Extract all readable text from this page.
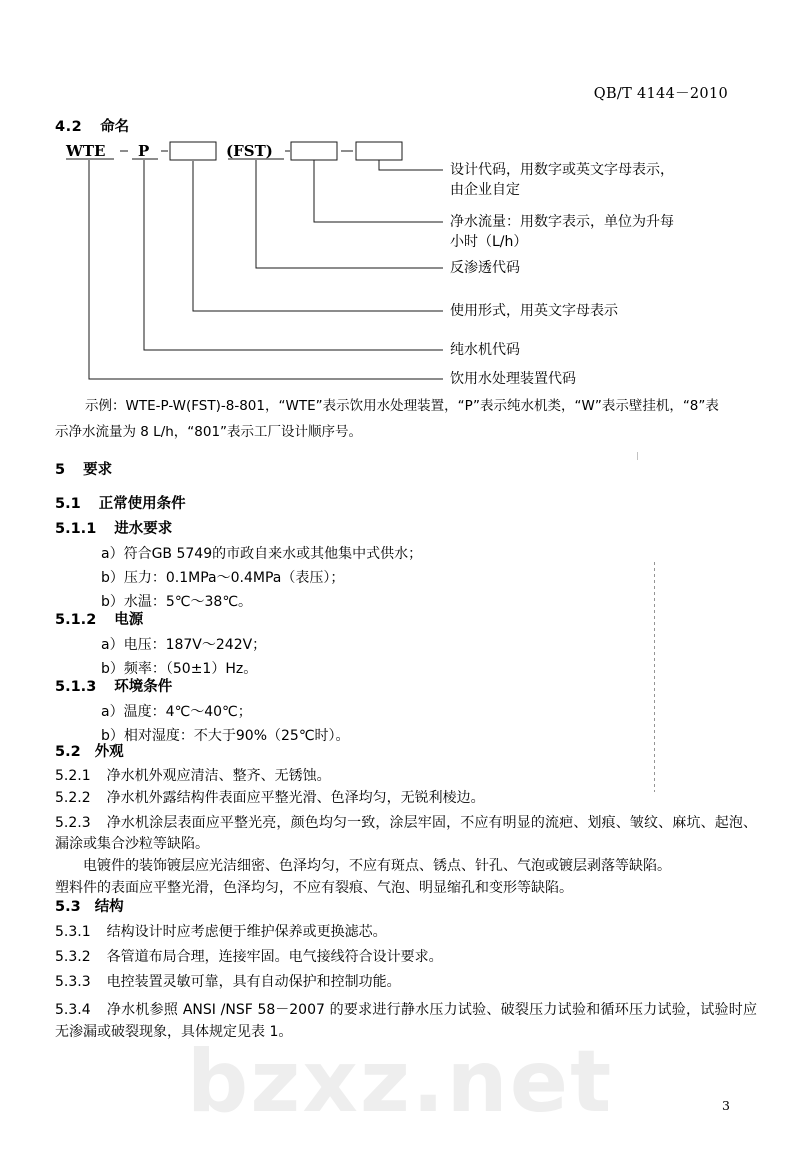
bzxz.net
QB/T 4144－2010
3
4.2 命名
WTE P	(FST)
设计代码，用数字或英文字母表示，
由企业自定
净水流量：用数字表示，单位为升每
小时（L/h）
反渗透代码
使用形式，用英文字母表示
纯水机代码
饮用水处理装置代码
示例：WTE-P-W(FST)-8-801，“WTE”表示饮用水处理装置，“P”表示纯水机类，“W”表示壁挂机，“8”表
示净水流量为 8 L/h，“801”表示工厂设计顺序号。
5 要求
5.1 正常使用条件
5.1.1 进水要求
a）符合GB 5749的市政自来水或其他集中式供水；
b）压力：0.1MPa～0.4MPa（表压）；
b）水温：5℃～38℃。
5.1.2 电源
a）电压：187V～242V；
b）频率：（50±1）Hz。
5.1.3 环境条件
a）温度：4℃～40℃；
b）相对湿度：不大于90%（25℃时）。
5.2 外观
5.2.1 净水机外观应清洁、整齐、无锈蚀。
5.2.2 净水机外露结构件表面应平整光滑、色泽均匀，无锐利棱边。
5.2.3 净水机涂层表面应平整光亮，颜色均匀一致，涂层牢固，不应有明显的流疤、划痕、皱纹、麻坑、起泡、漏涂或集合沙粒等缺陷。
电镀件的装饰镀层应光洁细密、色泽均匀，不应有斑点、锈点、针孔、气泡或镀层剥落等缺陷。
塑料件的表面应平整光滑，色泽均匀，不应有裂痕、气泡、明显缩孔和变形等缺陷。
5.3 结构
5.3.1 结构设计时应考虑便于维护保养或更换滤芯。
5.3.2 各管道布局合理，连接牢固。电气接线符合设计要求。
5.3.3 电控装置灵敏可靠，具有自动保护和控制功能。
5.3.4 净水机参照 ANSI /NSF 58－2007 的要求进行静水压力试验、破裂压力试验和循环压力试验，试验时应无渗漏或破裂现象，具体规定见表 1。
